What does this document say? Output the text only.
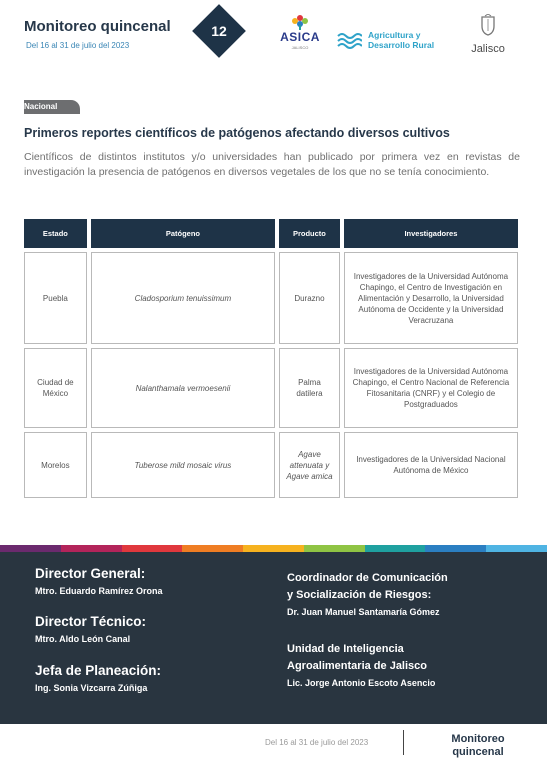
Monitoreo quincenal
Del 16 al 31 de julio del 2023
12	ASICA
JALISCO
Agricultura y
Desarrollo Rural	Jalisco
Nacional
Primeros reportes científicos de patógenos afectando diversos cultivos
Científicos de distintos institutos y/o universidades han publicado por primera vez en revistas de investigación la presencia de patógenos en diversos vegetales de los que no se tenía conocimiento.
Estado	Patógeno	Producto	Investigadores
Puebla	Cladosporium tenuissimum	Durazno	Investigadores de la Universidad Autónoma Chapingo, el Centro de Investigación en Alimentación y Desarrollo, la Universidad Autónoma de Occidente y la Universidad Veracruzana
Ciudad de México	Nalanthamala vermoesenii	Palma datilera	Investigadores de la Universidad Autónoma Chapingo, el Centro Nacional de Referencia Fitosanitaria (CNRF) y el Colegio de Postgraduados
Morelos	Tuberose mild mosaic virus	Agave attenuata y Agave amica	Investigadores de la Universidad Nacional Autónoma de México
Director General:
Mtro. Eduardo Ramírez Orona
Director Técnico:
Mtro. Aldo León Canal
Jefa de Planeación:
Ing. Sonia Vizcarra Zúñiga
Coordinador de Comunicación
y Socialización de Riesgos:
Dr. Juan Manuel Santamaría Gómez
Unidad de Inteligencia
Agroalimentaria de Jalisco
Lic. Jorge Antonio Escoto Asencio
Del 16 al 31 de julio del 2023	Monitoreo
quincenal
